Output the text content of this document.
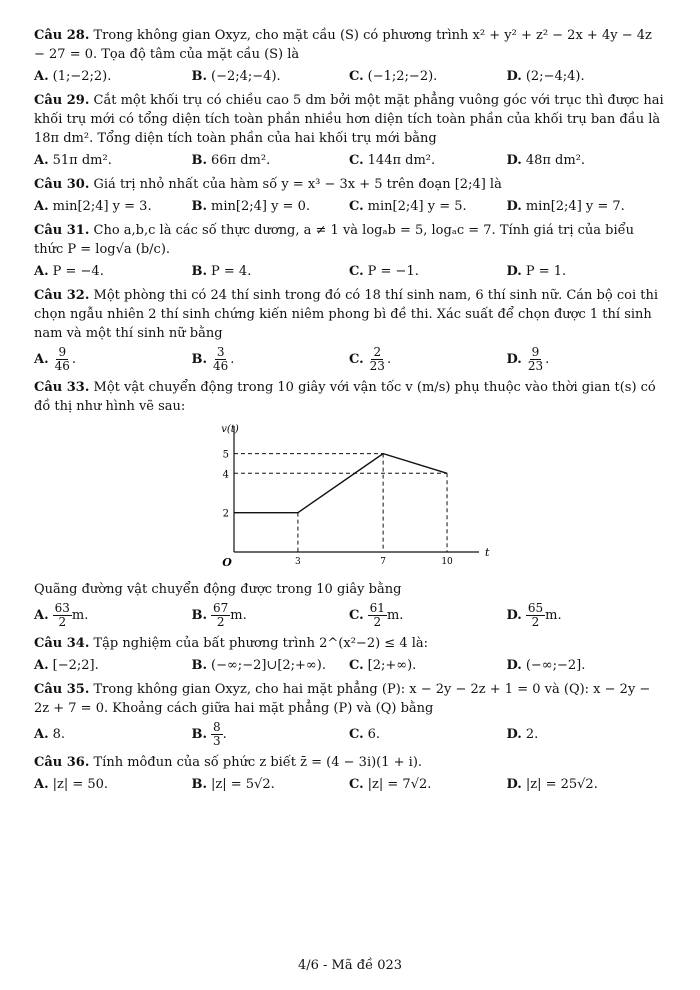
Câu 28. Trong không gian Oxyz, cho mặt cầu (S) có phương trình x² + y² + z² − 2x + 4y − 4z − 27 = 0. Tọa độ tâm của mặt cầu (S) là

A. (1;−2;2).	B. (−2;4;−4).	C. (−1;2;−2).	D. (2;−4;4).

Câu 29. Cắt một khối trụ có chiều cao 5 dm bởi một mặt phẳng vuông góc với trục thì được hai khối trụ mới có tổng diện tích toàn phần nhiều hơn diện tích toàn phần của khối trụ ban đầu là 18π dm². Tổng diện tích toàn phần của hai khối trụ mới bằng

A. 51π dm².	B. 66π dm².	C. 144π dm².	D. 48π dm².

Câu 30. Giá trị nhỏ nhất của hàm số y = x³ − 3x + 5 trên đoạn [2;4] là

A. min[2;4] y = 3.	B. min[2;4] y = 0.	C. min[2;4] y = 5.	D. min[2;4] y = 7.

Câu 31. Cho a,b,c là các số thực dương, a ≠ 1 và logₐb = 5, logₐc = 7. Tính giá trị của biểu thức P = log√a (b/c).

A. P = −4.	B. P = 4.	C. P = −1.	D. P = 1.

Câu 32. Một phòng thi có 24 thí sinh trong đó có 18 thí sinh nam, 6 thí sinh nữ. Cán bộ coi thi chọn ngẫu nhiên 2 thí sinh chứng kiến niêm phong bì đề thi. Xác suất để chọn được 1 thí sinh nam và một thí sinh nữ bằng

A. $\frac{9}{46}$ .	B. $\frac{3}{46}$ .	C. $\frac{2}{23}$ .	D. $\frac{9}{23}$ .

Câu 33. Một vật chuyển động trong 10 giây với vận tốc v (m/s) phụ thuộc vào thời gian t(s) có đồ thị như hình vẽ sau:

v(t)
t
O
2
4
5
3	7	10

Quãng đường vật chuyển động được trong 10 giây bằng

A. $\frac{63}{2} m$.	B. $\frac{67}{2} m$.	C. $\frac{61}{2} m$.	D. $\frac{65}{2} m$.

Câu 34. Tập nghiệm của bất phương trình 2^(x²−2) ≤ 4 là:

A. [−2;2].	B. (−∞;−2]∪[2;+∞). C. [2;+∞).	D. (−∞;−2].

Câu 35. Trong không gian Oxyz, cho hai mặt phẳng (P): x − 2y − 2z + 1 = 0 và (Q): x − 2y − 2z + 7 = 0. Khoảng cách giữa hai mặt phẳng (P) và (Q) bằng

A. 8.	B. $\frac{8}{3}$ .	C. 6.	D. 2.

Câu 36. Tính môđun của số phức z biết z̄ = (4 − 3i)(1 + i).

A. |z| = 50.	B. |z| = 5√2.	C. |z| = 7√2.	D. |z| = 25√2.
4/6 - Mã đề 023
